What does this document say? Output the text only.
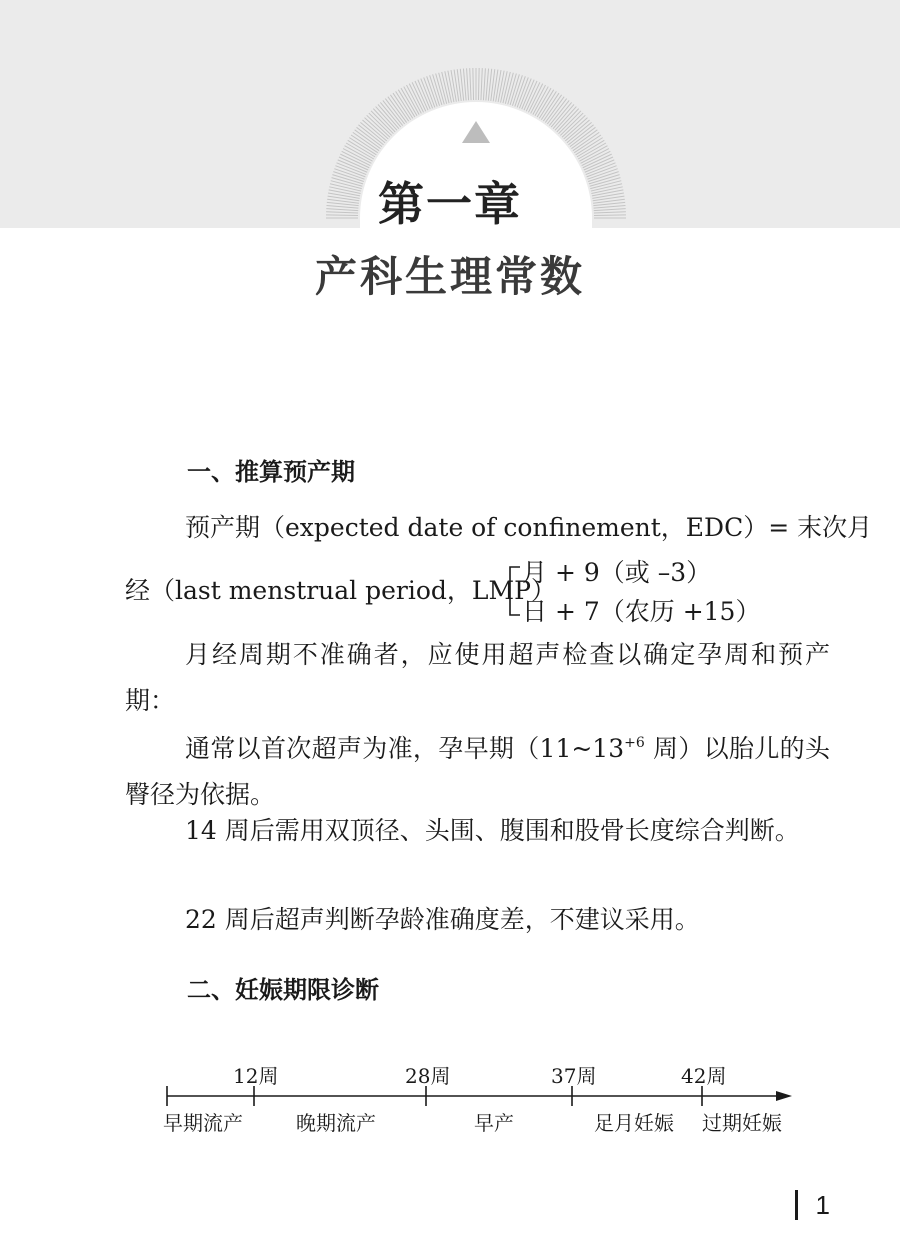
第一章
产科生理常数
一、推算预产期
预产期（expected date of confinement，EDC）= 末次月
经（last menstrual period，LMP）
月 + 9（或 –3）
日 + 7（农历 +15）
月经周期不准确者，应使用超声检查以确定孕周和预产期：
通常以首次超声为准，孕早期（$11\sim 13^{+6}$ 周）以胎儿的头臀径为依据。
14 周后需用双顶径、头围、腹围和股骨长度综合判断。
22 周后超声判断孕龄准确度差，不建议采用。
二、妊娠期限诊断
12周	28周	37周	42周
早期流产	晚期流产	早产	足月妊娠 过期妊娠
1
